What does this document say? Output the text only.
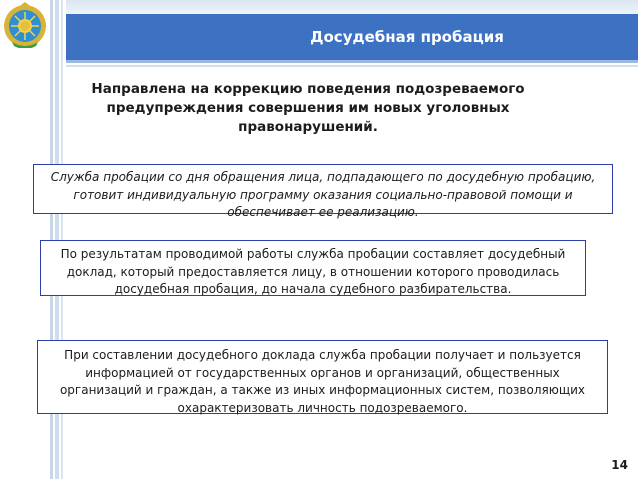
Досудебная пробация
Направлена на коррекцию поведения подозреваемого
предупреждения совершения им новых уголовных
правонарушений.
Служба пробации со дня обращения лица, подпадающего по досудебную пробацию,
готовит индивидуальную программу оказания социально-правовой помощи и
обеспечивает ее реализацию.
По результатам проводимой работы служба пробации составляет досудебный
доклад, который предоставляется лицу, в отношении которого проводилась
досудебная пробация, до начала судебного разбирательства.
При составлении досудебного доклада служба пробации получает и пользуется
информацией от государственных органов и организаций, общественных
организаций и граждан, а также из иных информационных систем, позволяющих
охарактеризовать личность подозреваемого.
14
